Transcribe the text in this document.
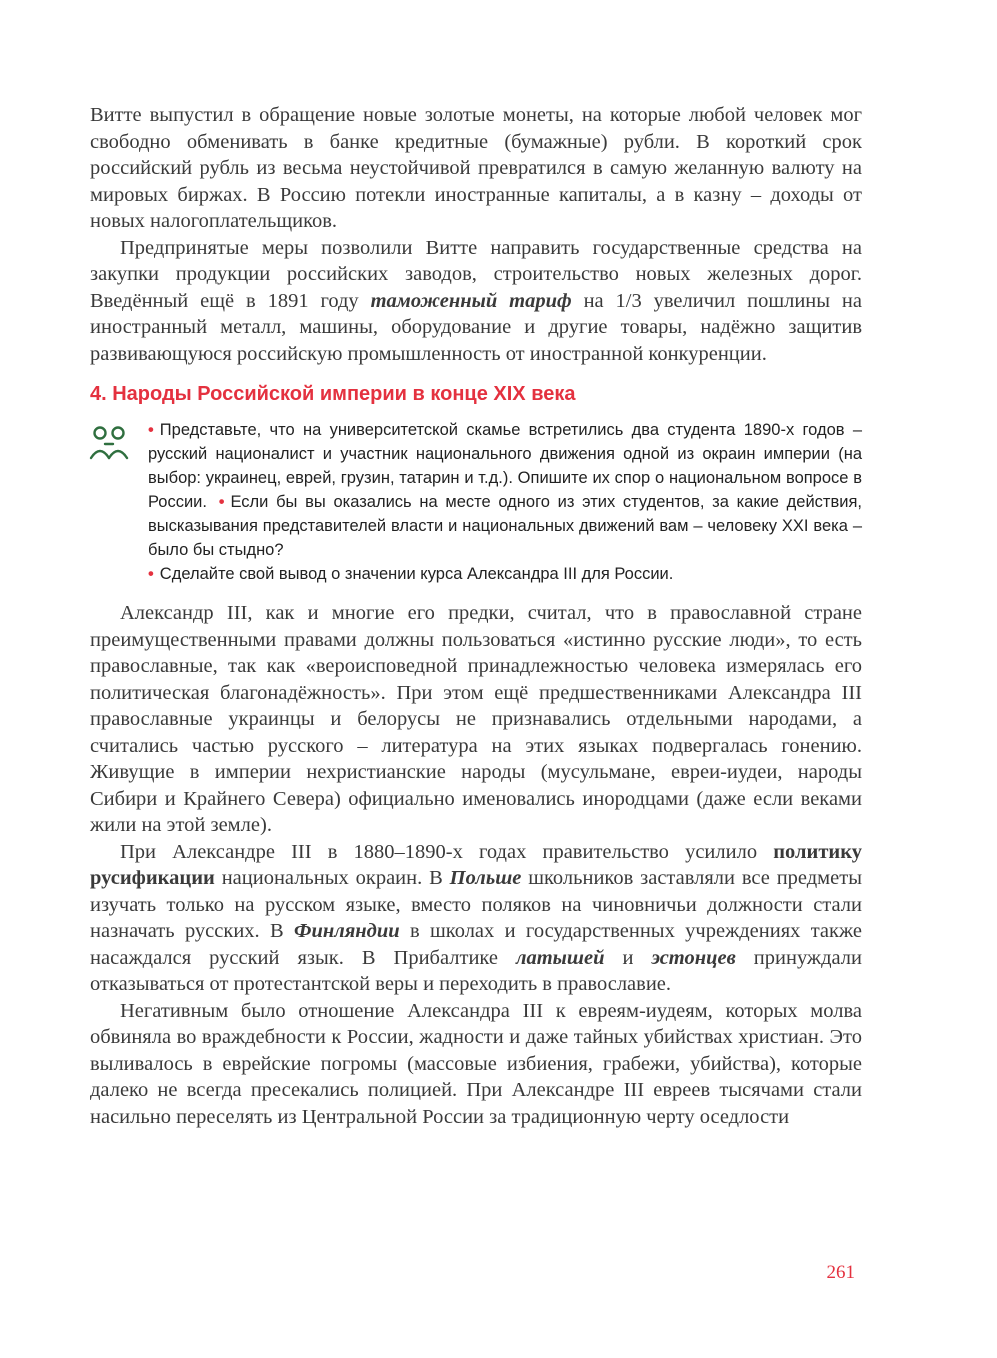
Витте выпустил в обращение новые золотые монеты, на которые любой человек мог свободно обменивать в банке кредитные (бумажные) рубли. В короткий срок российский рубль из весьма неустойчивой превратился в самую желанную валюту на мировых биржах. В Россию потекли иностранные капиталы, а в казну – доходы от новых налогоплательщиков.

Предпринятые меры позволили Витте направить государственные средства на закупки продукции российских заводов, строительство новых железных дорог. Введённый ещё в 1891 году таможенный тариф на 1/3 увеличил пошлины на иностранный металл, машины, оборудование и другие товары, надёжно защитив развивающуюся российскую промышленность от иностранной конкуренции.

4. Народы Российской империи в конце XIX века

• Представьте, что на университетской скамье встретились два студента 1890-х годов – русский националист и участник национального движения одной из окраин империи (на выбор: украинец, еврей, грузин, татарин и т.д.). Опишите их спор о национальном вопросе в России. • Если бы вы оказались на месте одного из этих студентов, за какие действия, высказывания представителей власти и национальных движений вам – человеку XXI века – было бы стыдно?

• Сделайте свой вывод о значении курса Александра III для России.

Александр III, как и многие его предки, считал, что в православной стране преимущественными правами должны пользоваться «истинно русские люди», то есть православные, так как «вероисповедной принадлежностью человека измерялась его политическая благонадёжность». При этом ещё предшественниками Александра III православные украинцы и белорусы не признавались отдельными народами, а считались частью русского – литература на этих языках подвергалась гонению. Живущие в империи нехристианские народы (мусульмане, евреи-иудеи, народы Сибири и Крайнего Севера) официально именовались инородцами (даже если веками жили на этой земле).

При Александре III в 1880–1890-х годах правительство усилило политику русификации национальных окраин. В Польше школьников заставляли все предметы изучать только на русском языке, вместо поляков на чиновничьи должности стали назначать русских. В Финляндии в школах и государственных учреждениях также насаждался русский язык. В Прибалтике латышей и эстонцев принуждали отказываться от протестантской веры и переходить в православие.

Негативным было отношение Александра III к евреям-иудеям, которых молва обвиняла во враждебности к России, жадности и даже тайных убийствах христиан. Это выливалось в еврейские погромы (массовые избиения, грабежи, убийства), которые далеко не всегда пресекались полицией. При Александре III евреев тысячами стали насильно переселять из Центральной России за традиционную черту оседлости

261
